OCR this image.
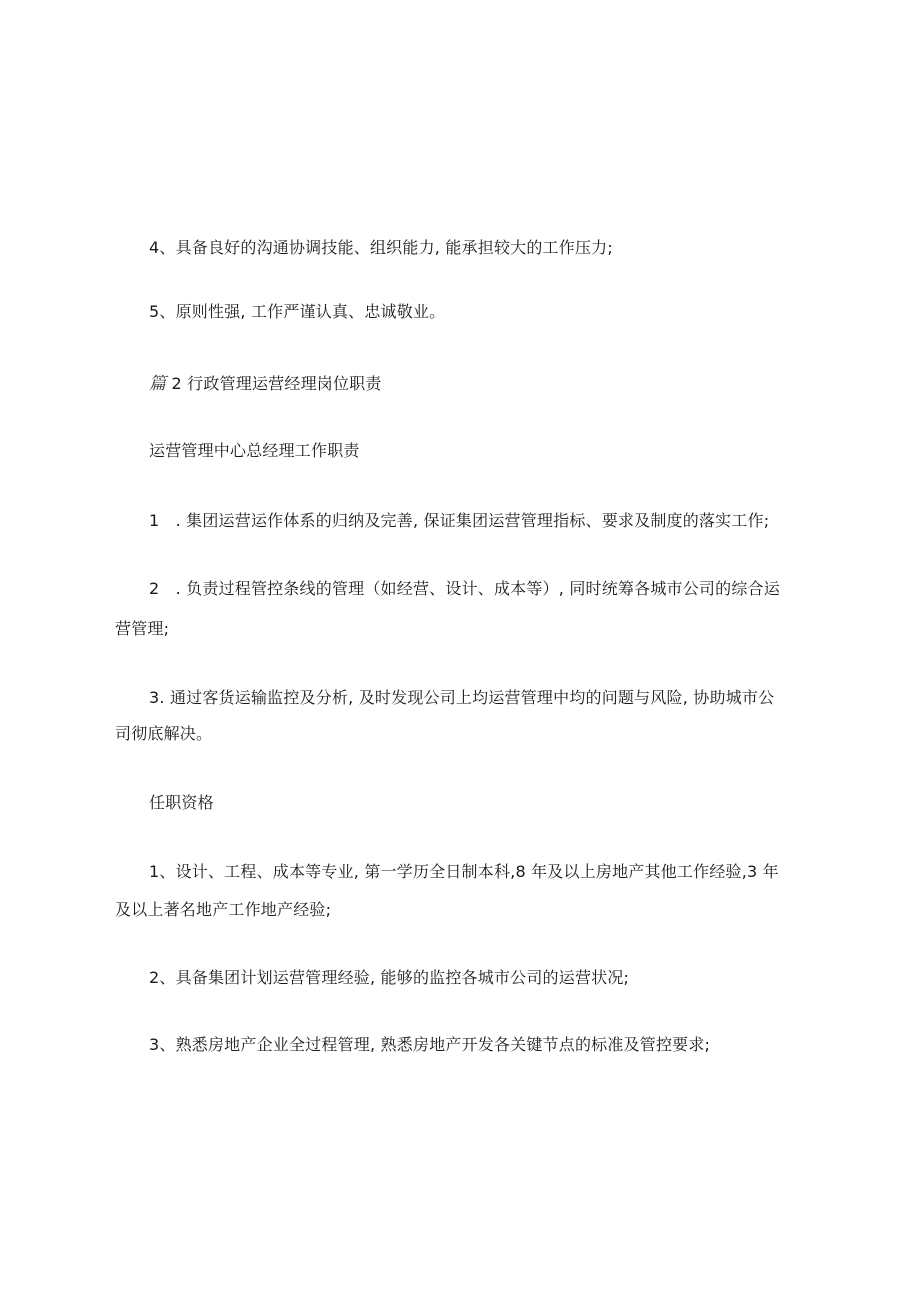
4、具备良好的沟通协调技能、组织能力, 能承担较大的工作压力;
5、原则性强, 工作严谨认真、忠诚敬业。
篇 2 行政管理运营经理岗位职责
运营管理中心总经理工作职责
1　. 集团运营运作体系的归纳及完善, 保证集团运营管理指标、要求及制度的落实工作;
2　. 负责过程管控条线的管理（如经营、设计、成本等）, 同时统筹各城市公司的综合运
营管理;
3. 通过客货运输监控及分析, 及时发现公司上均运营管理中均的问题与风险, 协助城市公
司彻底解决。
任职资格
1、设计、工程、成本等专业, 第一学历全日制本科,8 年及以上房地产其他工作经验,3 年
及以上著名地产工作地产经验;
2、具备集团计划运营管理经验, 能够的监控各城市公司的运营状况;
3、熟悉房地产企业全过程管理, 熟悉房地产开发各关键节点的标准及管控要求;
